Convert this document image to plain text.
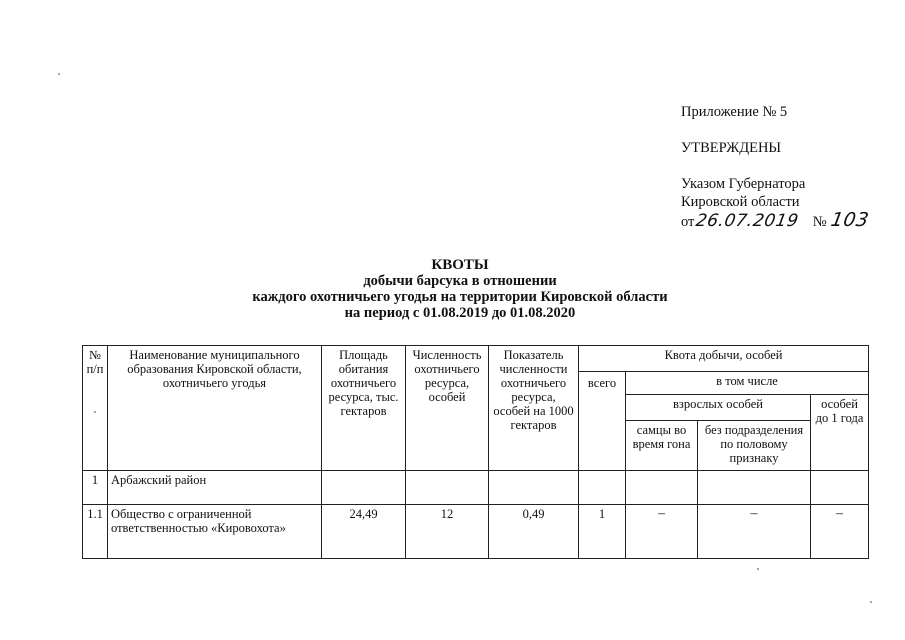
Приложение № 5
УТВЕРЖДЕНЫ
Указом Губернатора
Кировской области
от26.07.2019 № 103
КВОТЫ
добычи барсука в отношении
каждого охотничьего угодья на территории Кировской области
на период с 01.08.2019 до 01.08.2020
№ п/п	Наименование муниципального образования Кировской области, охотничьего угодья	Площадь обитания охотничьего ресурса, тыс. гектаров	Численность охотничьего ресурса, особей	Показатель численности охотничьего ресурса, особей на 1000 гектаров	Квота добычи, особей			
					всего	в том числе		
						взрослых особей		особей до 1 года
						самцы во время гона	без подразделения по половому признаку	
1	Арбажский район							
1.1	Общество с ограниченной ответственностью «Кировохота»	24,49	12	0,49	1	–	–	–
